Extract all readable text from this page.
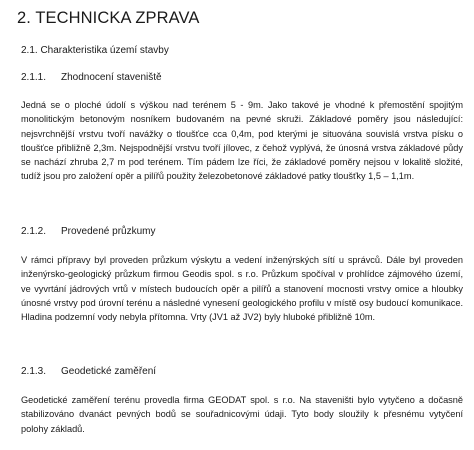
2. TECHNICKA ZPRAVA
2.1. Charakteristika území stavby
2.1.1. Zhodnocení staveniště
Jedná se o ploché údolí s výškou nad terénem 5 - 9m. Jako takové je vhodné k přemostění spojitým monolitickým betonovým nosníkem budovaném na pevné skruži. Základové poměry jsou následující: nejsvrchnější vrstvu tvoří navážky o tloušťce cca 0,4m, pod kterými je situována souvislá vrstva písku o tloušťce přibližně 2,3m. Nejspodnější vrstvu tvoří jílovec, z čehož vyplývá, že únosná vrstva základové půdy se nachází zhruba 2,7 m pod terénem. Tím pádem lze říci, že základové poměry nejsou v lokalitě složité, tudíž jsou pro založení opěr a pilířů použity železobetonové základové patky tloušťky 1,5 – 1,1m.
2.1.2. Provedené průzkumy
V rámci přípravy byl proveden průzkum výskytu a vedení inženýrských sítí u správců. Dále byl proveden inženýrsko-geologický průzkum firmou Geodis spol. s r.o. Průzkum spočíval v prohlídce zájmového území, ve vyvrtání jádrových vrtů v místech budoucích opěr a pilířů a stanovení mocnosti vrstvy omice a hloubky únosné vrstvy pod úrovní terénu a následné vynesení geologického profilu v místě osy budoucí komunikace. Hladina podzemní vody nebyla přítomna. Vrty (JV1 až JV2) byly hluboké přibližně 10m.
2.1.3. Geodetické zaměření
Geodetické zaměření terénu provedla firma GEODAT spol. s r.o. Na staveništi bylo vytyčeno a dočasně stabilizováno dvanáct pevných bodů se souřadnicovými údaji. Tyto body sloužily k přesnému vytyčení polohy základů.
